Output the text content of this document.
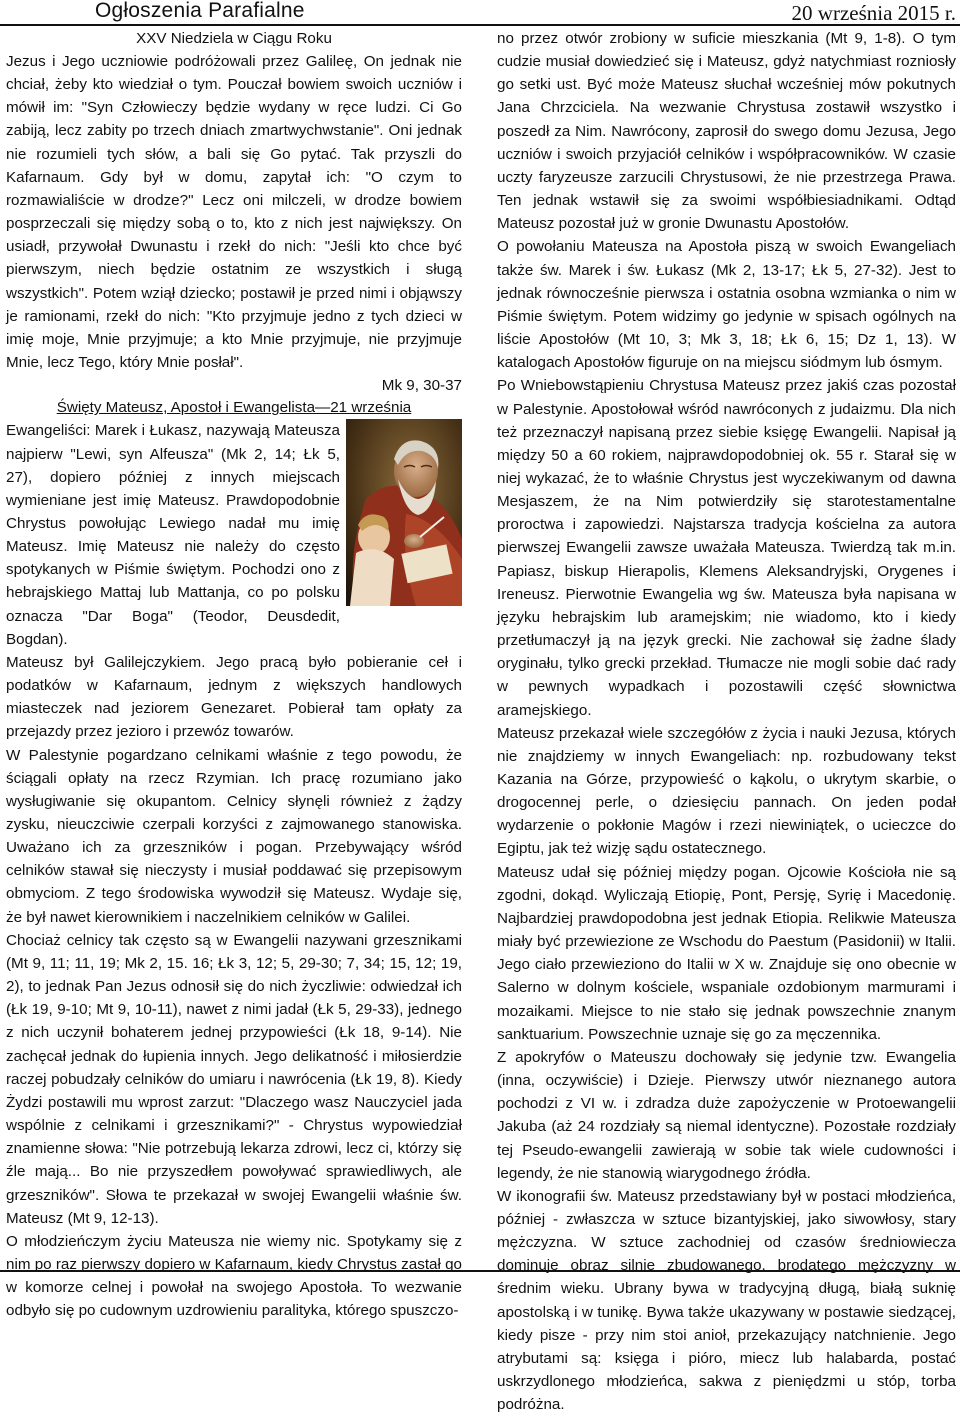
Ogłoszenia Parafialne	20 września 2015 r.

XXV Niedziela w Ciągu Roku

Jezus i Jego uczniowie podróżowali przez Galileę, On jednak nie chciał, żeby kto wiedział o tym. Pouczał bowiem swoich uczniów i mówił im: "Syn Człowieczy będzie wydany w ręce ludzi. Ci Go zabiją, lecz zabity po trzech dniach zmartwychwstanie". Oni jednak nie rozumieli tych słów, a bali się Go pytać. Tak przyszli do Kafarnaum. Gdy był w domu, zapytał ich: "O czym to rozmawialiście w drodze?" Lecz oni milczeli, w drodze bowiem posprzeczali się między sobą o to, kto z nich jest największy. On usiadł, przywołał Dwunastu i rzekł do nich: "Jeśli kto chce być pierwszym, niech będzie ostatnim ze wszystkich i sługą wszystkich". Potem wziął dziecko; postawił je przed nimi i objąwszy je ramionami, rzekł do nich: "Kto przyjmuje jedno z tych dzieci w imię moje, Mnie przyjmuje; a kto Mnie przyjmuje, nie przyjmuje Mnie, lecz Tego, który Mnie posłał".

Mk 9, 30-37

Święty Mateusz, Apostoł i Ewangelista—21 września

Ewangeliści: Marek i Łukasz, nazywają Mateusza najpierw "Lewi, syn Alfeusza" (Mk 2, 14; Łk 5, 27), dopiero później z innych miejscach wymieniane jest imię Mateusz. Prawdopodobnie Chrystus powołując Lewiego nadał mu imię Mateusz. Imię Mateusz nie należy do często spotykanych w Piśmie świętym. Pochodzi ono z hebrajskiego Mattaj lub Mattanja, co po polsku oznacza "Dar Boga" (Teodor, Deusdedit, Bogdan).

Mateusz był Galilejczykiem. Jego pracą było pobieranie ceł i podatków w Kafarnaum, jednym z większych handlowych miasteczek nad jeziorem Genezaret. Pobierał tam opłaty za przejazdy przez jezioro i przewóz towarów.

W Palestynie pogardzano celnikami właśnie z tego powodu, że ściągali opłaty na rzecz Rzymian. Ich pracę rozumiano jako wysługiwanie się okupantom. Celnicy słynęli również z żądzy zysku, nieuczciwie czerpali korzyści z zajmowanego stanowiska. Uważano ich za grzeszników i pogan. Przebywający wśród celników stawał się nieczysty i musiał poddawać się przepisowym obmyciom. Z tego środowiska wywodził się Mateusz. Wydaje się, że był nawet kierownikiem i naczelnikiem celników w Galilei.

Chociaż celnicy tak często są w Ewangelii nazywani grzesznikami (Mt 9, 11; 11, 19; Mk 2, 15. 16; Łk 3, 12; 5, 29-30; 7, 34; 15, 12; 19, 2), to jednak Pan Jezus odnosił się do nich życzliwie: odwiedzał ich (Łk 19, 9-10; Mt 9, 10-11), nawet z nimi jadał (Łk 5, 29-33), jednego z nich uczynił bohaterem jednej przypowieści (Łk 18, 9-14). Nie zachęcał jednak do łupienia innych. Jego delikatność i miłosierdzie raczej pobudzały celników do umiaru i nawrócenia (Łk 19, 8). Kiedy Żydzi postawili mu wprost zarzut: "Dlaczego wasz Nauczyciel jada wspólnie z celnikami i grzesznikami?" - Chrystus wypowiedział znamienne słowa: "Nie potrzebują lekarza zdrowi, lecz ci, którzy się źle mają... Bo nie przyszedłem powoływać sprawiedliwych, ale grzeszników". Słowa te przekazał w swojej Ewangelii właśnie św. Mateusz (Mt 9, 12-13).

O młodzieńczym życiu Mateusza nie wiemy nic. Spotykamy się z nim po raz pierwszy dopiero w Kafarnaum, kiedy Chrystus zastał go w komorze celnej i powołał na swojego Apostoła. To wezwanie odbyło się po cudownym uzdrowieniu paralityka, którego spuszczo-

no przez otwór zrobiony w suficie mieszkania (Mt 9, 1-8). O tym cudzie musiał dowiedzieć się i Mateusz, gdyż natychmiast rozniosły go setki ust. Być może Mateusz słuchał wcześniej mów pokutnych Jana Chrzciciela. Na wezwanie Chrystusa zostawił wszystko i poszedł za Nim. Nawrócony, zaprosił do swego domu Jezusa, Jego uczniów i swoich przyjaciół celników i współpracowników. W czasie uczty faryzeusze zarzucili Chrystusowi, że nie przestrzega Prawa. Ten jednak wstawił się za swoimi współbiesiadnikami. Odtąd Mateusz pozostał już w gronie Dwunastu Apostołów.

O powołaniu Mateusza na Apostoła piszą w swoich Ewangeliach także św. Marek i św. Łukasz (Mk 2, 13-17; Łk 5, 27-32). Jest to jednak równocześnie pierwsza i ostatnia osobna wzmianka o nim w Piśmie świętym. Potem widzimy go jedynie w spisach ogólnych na liście Apostołów (Mt 10, 3; Mk 3, 18; Łk 6, 15; Dz 1, 13). W katalogach Apostołów figuruje on na miejscu siódmym lub ósmym.

Po Wniebowstąpieniu Chrystusa Mateusz przez jakiś czas pozostał w Palestynie. Apostołował wśród nawróconych z judaizmu. Dla nich też przeznaczył napisaną przez siebie księgę Ewangelii. Napisał ją między 50 a 60 rokiem, najprawdopodobniej ok. 55 r. Starał się w niej wykazać, że to właśnie Chrystus jest wyczekiwanym od dawna Mesjaszem, że na Nim potwierdziły się starotestamentalne proroctwa i zapowiedzi. Najstarsza tradycja kościelna za autora pierwszej Ewangelii zawsze uważała Mateusza. Twierdzą tak m.in. Papiasz, biskup Hierapolis, Klemens Aleksandryjski, Orygenes i Ireneusz. Pierwotnie Ewangelia wg św. Mateusza była napisana w języku hebrajskim lub aramejskim; nie wiadomo, kto i kiedy przetłumaczył ją na język grecki. Nie zachował się żadne ślady oryginału, tylko grecki przekład. Tłumacze nie mogli sobie dać rady w pewnych wypadkach i pozostawili część słownictwa aramejskiego.

Mateusz przekazał wiele szczegółów z życia i nauki Jezusa, których nie znajdziemy w innych Ewangeliach: np. rozbudowany tekst Kazania na Górze, przypowieść o kąkolu, o ukrytym skarbie, o drogocennej perle, o dziesięciu pannach. On jeden podał wydarzenie o pokłonie Magów i rzezi niewiniątek, o ucieczce do Egiptu, jak też wizję sądu ostatecznego.

Mateusz udał się później między pogan. Ojcowie Kościoła nie są zgodni, dokąd. Wyliczają Etiopię, Pont, Persję, Syrię i Macedonię. Najbardziej prawdopodobna jest jednak Etiopia. Relikwie Mateusza miały być przewiezione ze Wschodu do Paestum (Pasidonii) w Italii. Jego ciało przewieziono do Italii w X w. Znajduje się ono obecnie w Salerno w dolnym kościele, wspaniale ozdobionym marmurami i mozaikami. Miejsce to nie stało się jednak powszechnie znanym sanktuarium. Powszechnie uznaje się go za męczennika.

Z apokryfów o Mateuszu dochowały się jedynie tzw. Ewangelia (inna, oczywiście) i Dzieje. Pierwszy utwór nieznanego autora pochodzi z VI w. i zdradza duże zapożyczenie w Protoewangelii Jakuba (aż 24 rozdziały są niemal identyczne). Pozostałe rozdziały tej Pseudo-ewangelii zawierają w sobie tak wiele cudowności i legendy, że nie stanowią wiarygodnego źródła.

W ikonografii św. Mateusz przedstawiany był w postaci młodzieńca, później - zwłaszcza w sztuce bizantyjskiej, jako siwowłosy, stary mężczyzna. W sztuce zachodniej od czasów średniowiecza dominuje obraz silnie zbudowanego, brodatego mężczyzny w średnim wieku. Ubrany bywa w tradycyjną długą, białą suknię apostolską i w tunikę. Bywa także ukazywany w postawie siedzącej, kiedy pisze - przy nim stoi anioł, przekazujący natchnienie. Jego atrybutami są: księga i pióro, miecz lub halabarda, postać uskrzydlonego młodzieńca, sakwa z pieniędzmi u stóp, torba podróżna.
